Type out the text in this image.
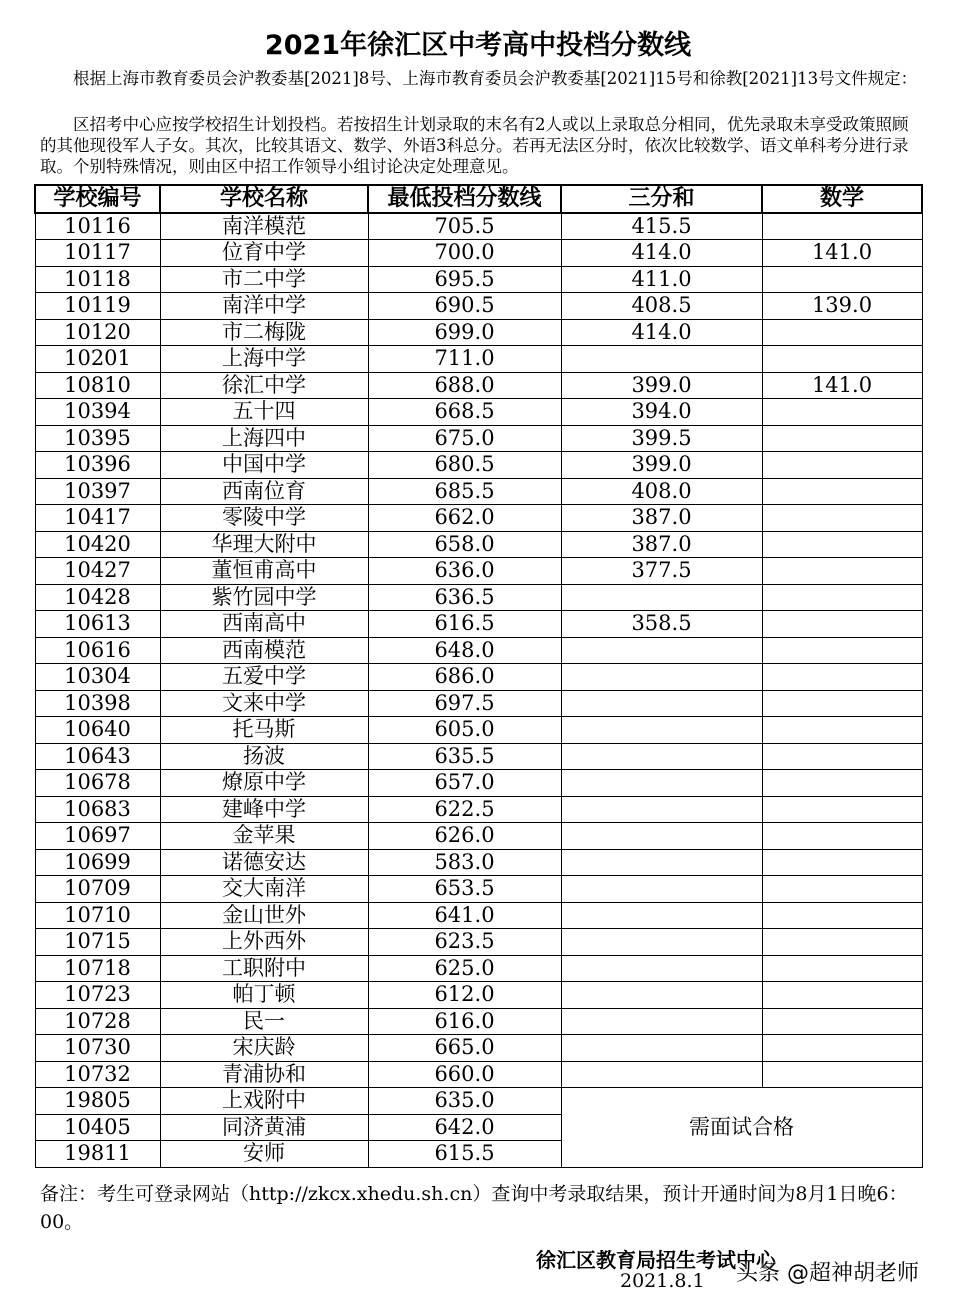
2021年徐汇区中考高中投档分数线
根据上海市教育委员会沪教委基[2021]8号、上海市教育委员会沪教委基[2021]15号和徐教[2021]13号文件规定：
区招考中心应按学校招生计划投档。若按招生计划录取的末名有2人或以上录取总分相同，优先录取未享受政策照顾的其他现役军人子女。其次，比较其语文、数学、外语3科总分。若再无法区分时，依次比较数学、语文单科考分进行录取。个别特殊情况，则由区中招工作领导小组讨论决定处理意见。
学校编号	学校名称	最低投档分数线	三分和	数学
10116	南洋模范	705.5	415.5	
10117	位育中学	700.0	414.0	141.0
10118	市二中学	695.5	411.0	
10119	南洋中学	690.5	408.5	139.0
10120	市二梅陇	699.0	414.0	
10201	上海中学	711.0		
10810	徐汇中学	688.0	399.0	141.0
10394	五十四	668.5	394.0	
10395	上海四中	675.0	399.5	
10396	中国中学	680.5	399.0	
10397	西南位育	685.5	408.0	
10417	零陵中学	662.0	387.0	
10420	华理大附中	658.0	387.0	
10427	董恒甫高中	636.0	377.5	
10428	紫竹园中学	636.5		
10613	西南高中	616.5	358.5	
10616	西南模范	648.0		
10304	五爱中学	686.0		
10398	文来中学	697.5		
10640	托马斯	605.0		
10643	扬波	635.5		
10678	燎原中学	657.0		
10683	建峰中学	622.5		
10697	金苹果	626.0		
10699	诺德安达	583.0		
10709	交大南洋	653.5		
10710	金山世外	641.0		
10715	上外西外	623.5		
10718	工职附中	625.0		
10723	帕丁顿	612.0		
10728	民一	616.0		
10730	宋庆龄	665.0		
10732	青浦协和	660.0		
19805	上戏附中	635.0	需面试合格	
10405	同济黄浦	642.0		
19811	安师	615.5		
备注：考生可登录网站（http://zkcx.xhedu.sh.cn）查询中考录取结果，预计开通时间为8月1日晚6：00。
徐汇区教育局招生考试中心
2021.8.1 头条 @超神胡老师
